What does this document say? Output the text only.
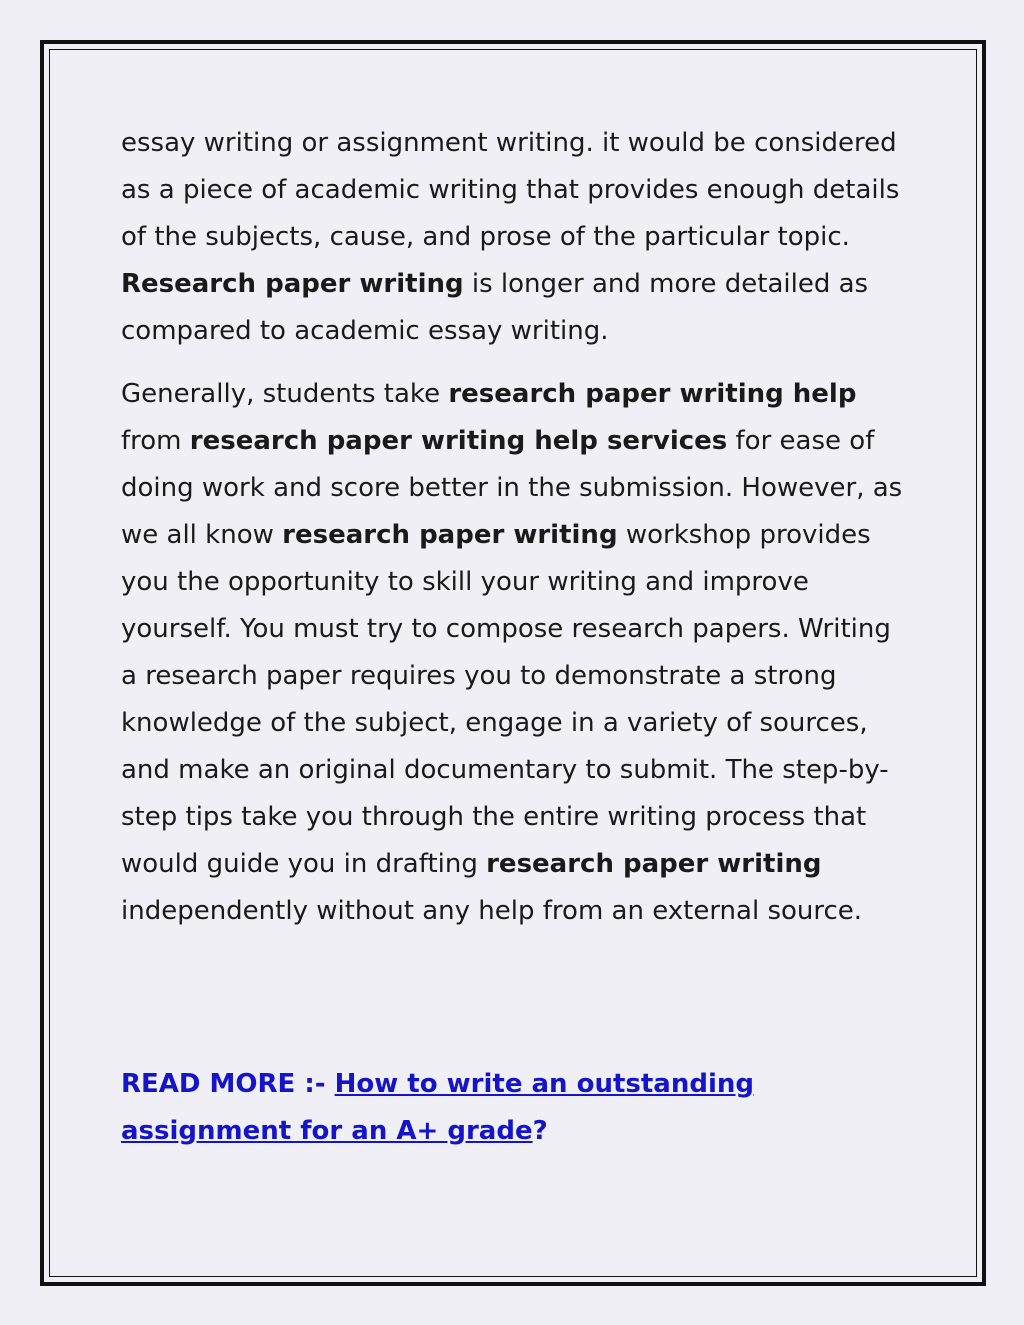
essay writing or assignment writing. it would be considered as a piece of academic writing that provides enough details of the subjects, cause, and prose of the particular topic. Research paper writing is longer and more detailed as compared to academic essay writing.

Generally, students take research paper writing help from research paper writing help services for ease of doing work and score better in the submission. However, as we all know research paper writing workshop provides you the opportunity to skill your writing and improve yourself. You must try to compose research papers. Writing a research paper requires you to demonstrate a strong knowledge of the subject, engage in a variety of sources, and make an original documentary to submit. The step-by-step tips take you through the entire writing process that would guide you in drafting research paper writing independently without any help from an external source.

READ MORE :- How to write an outstanding assignment for an A+ grade?
